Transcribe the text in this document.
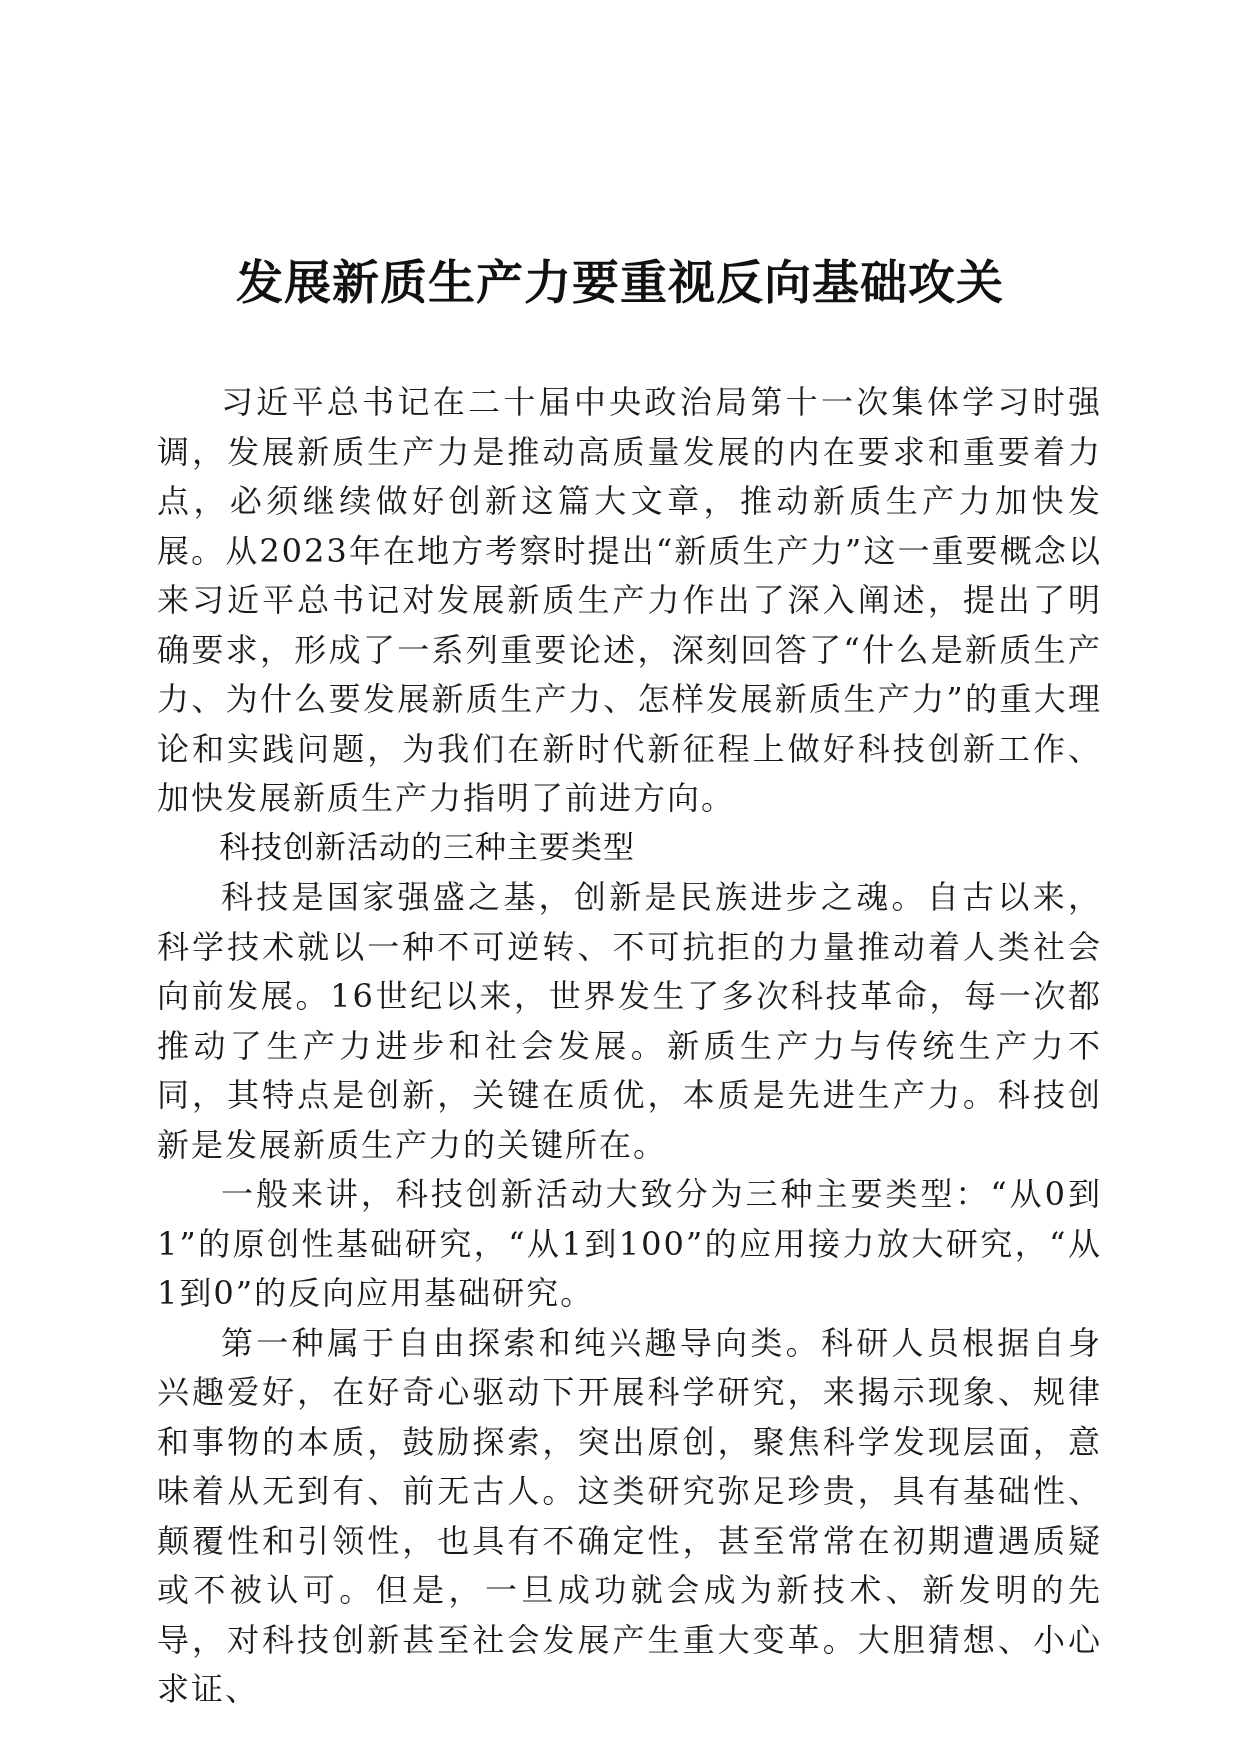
发展新质生产力要重视反向基础攻关

习近平总书记在二十届中央政治局第十一次集体学习时强调，发展新质生产力是推动高质量发展的内在要求和重要着力点，必须继续做好创新这篇大文章，推动新质生产力加快发展。从2023年在地方考察时提出“新质生产力”这一重要概念以来习近平总书记对发展新质生产力作出了深入阐述，提出了明确要求，形成了一系列重要论述，深刻回答了“什么是新质生产力、为什么要发展新质生产力、怎样发展新质生产力”的重大理论和实践问题，为我们在新时代新征程上做好科技创新工作、加快发展新质生产力指明了前进方向。

科技创新活动的三种主要类型

科技是国家强盛之基，创新是民族进步之魂。自古以来，科学技术就以一种不可逆转、不可抗拒的力量推动着人类社会向前发展。16世纪以来，世界发生了多次科技革命，每一次都推动了生产力进步和社会发展。新质生产力与传统生产力不同，其特点是创新，关键在质优，本质是先进生产力。科技创新是发展新质生产力的关键所在。

一般来讲，科技创新活动大致分为三种主要类型：“从0到1”的原创性基础研究，“从1到100”的应用接力放大研究，“从1到0”的反向应用基础研究。

第一种属于自由探索和纯兴趣导向类。科研人员根据自身兴趣爱好，在好奇心驱动下开展科学研究，来揭示现象、规律和事物的本质，鼓励探索，突出原创，聚焦科学发现层面，意味着从无到有、前无古人。这类研究弥足珍贵，具有基础性、颠覆性和引领性，也具有不确定性，甚至常常在初期遭遇质疑或不被认可。但是，一旦成功就会成为新技术、新发明的先导，对科技创新甚至社会发展产生重大变革。大胆猜想、小心求证、
